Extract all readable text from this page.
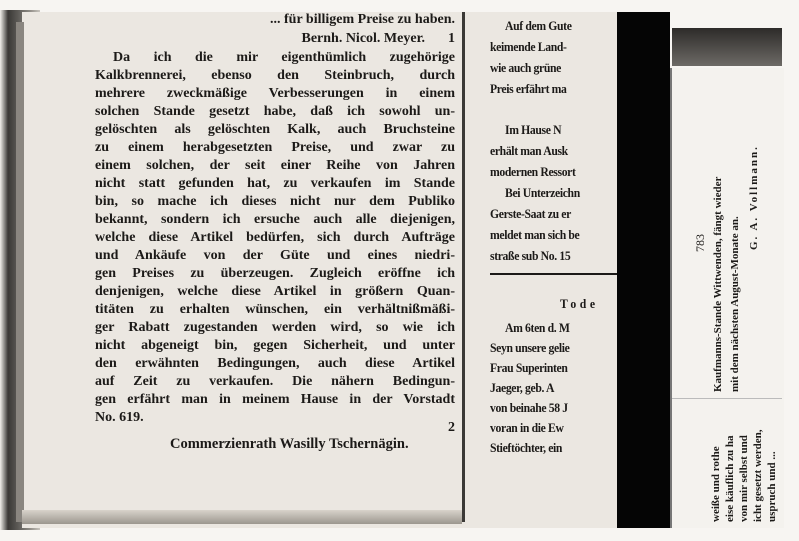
... für billigem Preise zu haben.
Bernh. Nicol. Meyer. 1
Da ich die mir eigenthümlich zugehörige
Kalkbrennerei, ebenso den Steinbruch, durch
mehrere zweckmäßige Verbesserungen in einem
solchen Stande gesetzt habe, daß ich sowohl un-
gelöschten als gelöschten Kalk, auch Bruchsteine
zu einem herabgesetzten Preise, und zwar zu
einem solchen, der seit einer Reihe von Jahren
nicht statt gefunden hat, zu verkaufen im Stande
bin, so mache ich dieses nicht nur dem Publiko
bekannt, sondern ich ersuche auch alle diejenigen,
welche diese Artikel bedürfen, sich durch Aufträge
und Ankäufe von der Güte und eines niedri-
gen Preises zu überzeugen. Zugleich eröffne ich
denjenigen, welche diese Artikel in größern Quan-
titäten zu erhalten wünschen, ein verhältnißmäßi-
ger Rabatt zugestanden werden wird, so wie ich
nicht abgeneigt bin, gegen Sicherheit, und unter
den erwähnten Bedingungen, auch diese Artikel
auf Zeit zu verkaufen. Die nähern Bedingun-
gen erfährt man in meinem Hause in der Vorstadt
No. 619.
2
Commerzienrath Wasilly Tschernägin.
Auf dem Gute
keimende Land-
wie auch grüne
Preis erfährt ma
Im Hause N
erhält man Ausk
modernen Ressort
Bei Unterzeichn
Gerste-Saat zu er
meldet man sich be
straße sub No. 15
Tode
Am 6ten d. M
Seyn unsere gelie
Frau Superinten
Jaeger, geb. A
von beinahe 58 J
voran in die Ew
Stieftöchter, ein
783 Kaufmanns-Stande Wittwenden, fängt wieder mit dem nächsten August-Monate an.
G. A. Vollmann.
weiße und rothe eise käuflich zu ha von mir selbst und icht gesetzt werden, uspruch und ...
